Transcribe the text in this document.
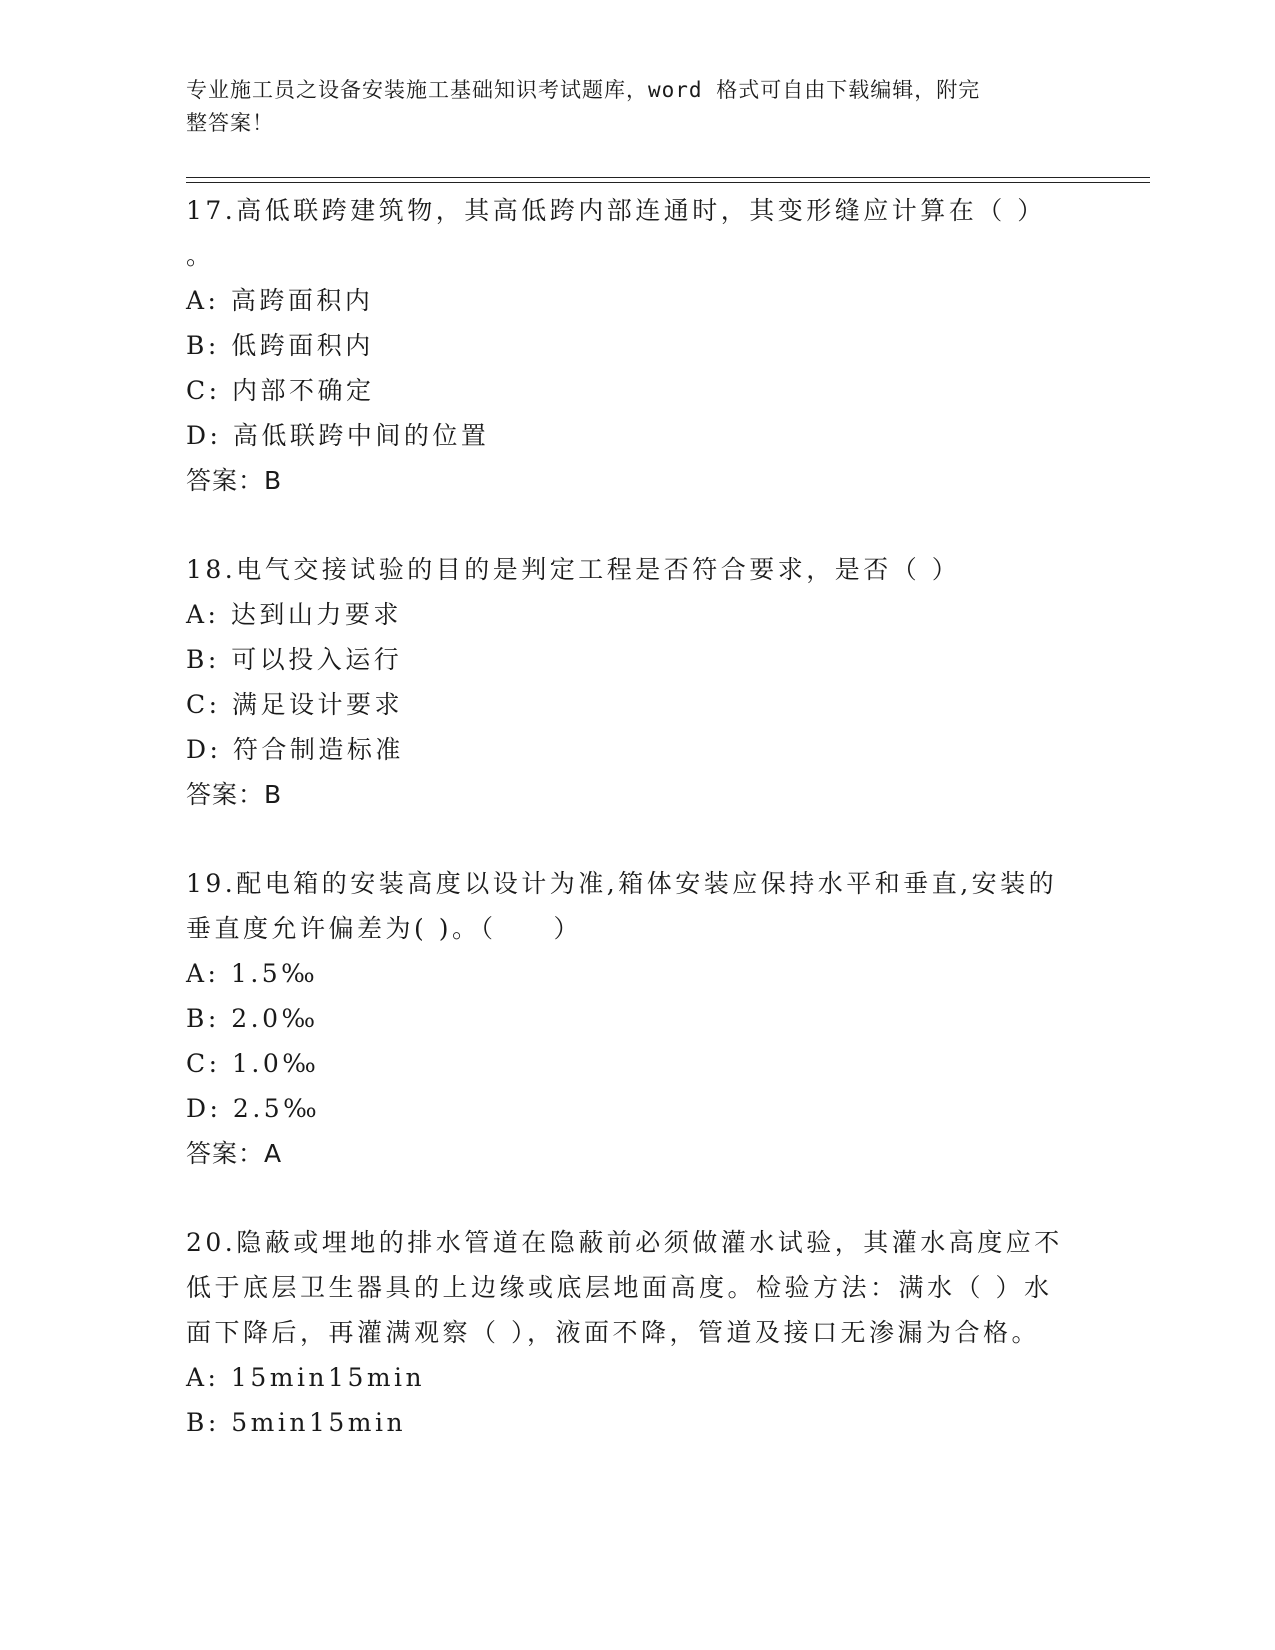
专业施工员之设备安装施工基础知识考试题库，word 格式可自由下载编辑，附完
整答案！
17.高低联跨建筑物，其高低跨内部连通时，其变形缝应计算在（ ）
。
A: 高跨面积内
B: 低跨面积内
C: 内部不确定
D: 高低联跨中间的位置
答案：B
18.电气交接试验的目的是判定工程是否符合要求，是否（ ）
A: 达到山力要求
B: 可以投入运行
C: 满足设计要求
D: 符合制造标准
答案：B
19.配电箱的安装高度以设计为准,箱体安装应保持水平和垂直,安装的
垂直度允许偏差为( )。（　　）
A: 1.5‰
B: 2.0‰
C: 1.0‰
D: 2.5‰
答案：A
20.隐蔽或埋地的排水管道在隐蔽前必须做灌水试验，其灌水高度应不
低于底层卫生器具的上边缘或底层地面高度。检验方法：满水（ ）水
面下降后，再灌满观察（ ），液面不降，管道及接口无渗漏为合格。
A: 15min15min
B: 5min15min
